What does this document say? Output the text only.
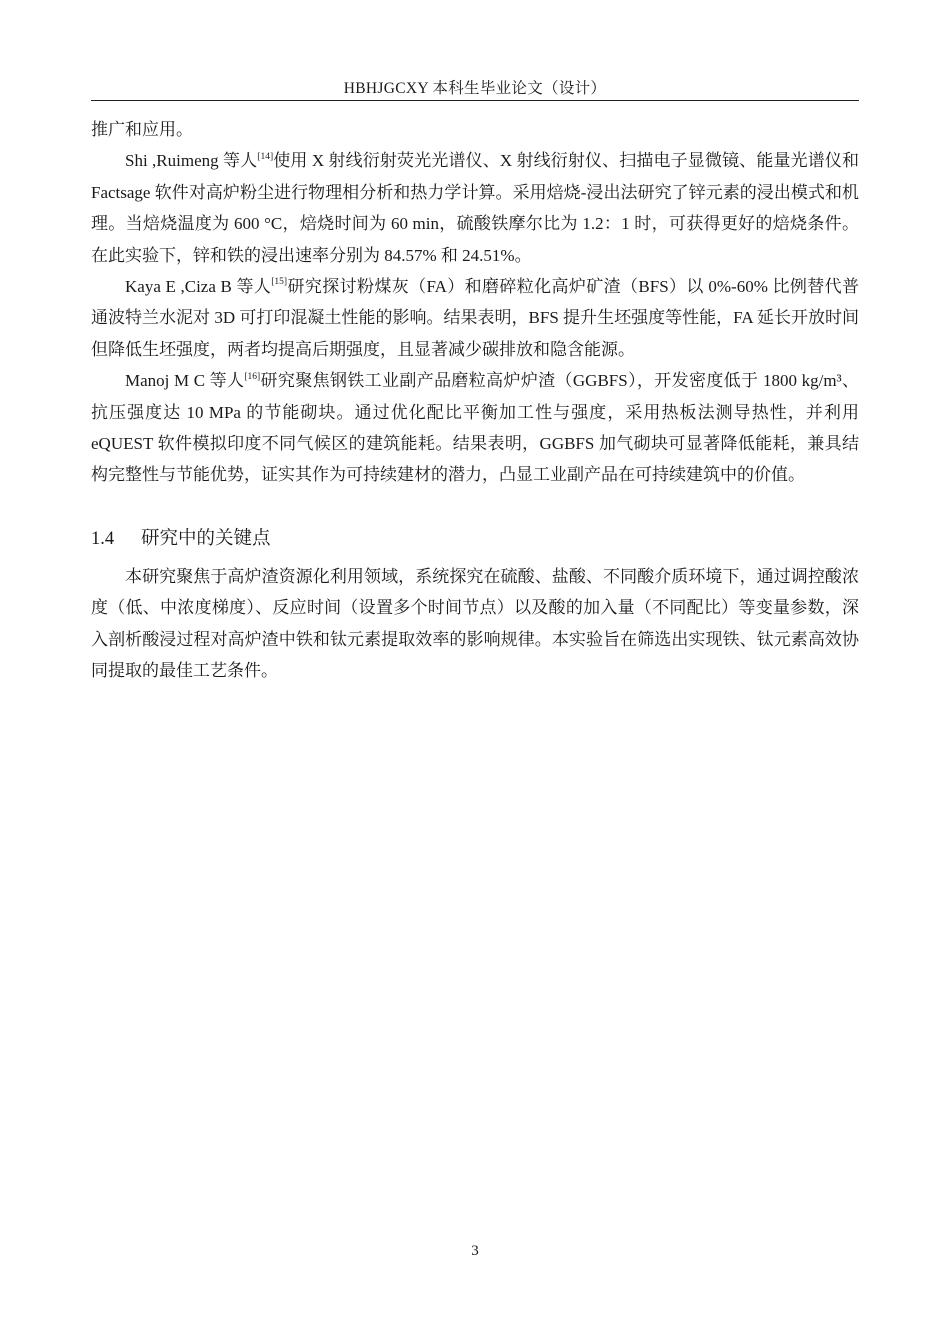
HBHJGCXY 本科生毕业论文（设计）

推广和应用。

Shi ,Ruimeng 等人[14]使用 X 射线衍射荧光光谱仪、X 射线衍射仪、扫描电子显微镜、能量光谱仪和 Factsage 软件对高炉粉尘进行物理相分析和热力学计算。采用焙烧-浸出法研究了锌元素的浸出模式和机理。当焙烧温度为 600 °C，焙烧时间为 60 min，硫酸铁摩尔比为 1.2：1 时，可获得更好的焙烧条件。在此实验下，锌和铁的浸出速率分别为 84.57% 和 24.51%。

Kaya E ,Ciza B 等人[15]研究探讨粉煤灰（FA）和磨碎粒化高炉矿渣（BFS）以 0%-60% 比例替代普通波特兰水泥对 3D 可打印混凝土性能的影响。结果表明，BFS 提升生坯强度等性能，FA 延长开放时间但降低生坯强度，两者均提高后期强度，且显著减少碳排放和隐含能源。

Manoj M C 等人[16]研究聚焦钢铁工业副产品磨粒高炉炉渣（GGBFS），开发密度低于 1800 kg/m³、抗压强度达 10 MPa 的节能砌块。通过优化配比平衡加工性与强度，采用热板法测导热性，并利用 eQUEST 软件模拟印度不同气候区的建筑能耗。结果表明，GGBFS 加气砌块可显著降低能耗，兼具结构完整性与节能优势，证实其作为可持续建材的潜力，凸显工业副产品在可持续建筑中的价值。

1.4 研究中的关键点

本研究聚焦于高炉渣资源化利用领域，系统探究在硫酸、盐酸、不同酸介质环境下，通过调控酸浓度（低、中浓度梯度）、反应时间（设置多个时间节点）以及酸的加入量（不同配比）等变量参数，深入剖析酸浸过程对高炉渣中铁和钛元素提取效率的影响规律。本实验旨在筛选出实现铁、钛元素高效协同提取的最佳工艺条件。

3
